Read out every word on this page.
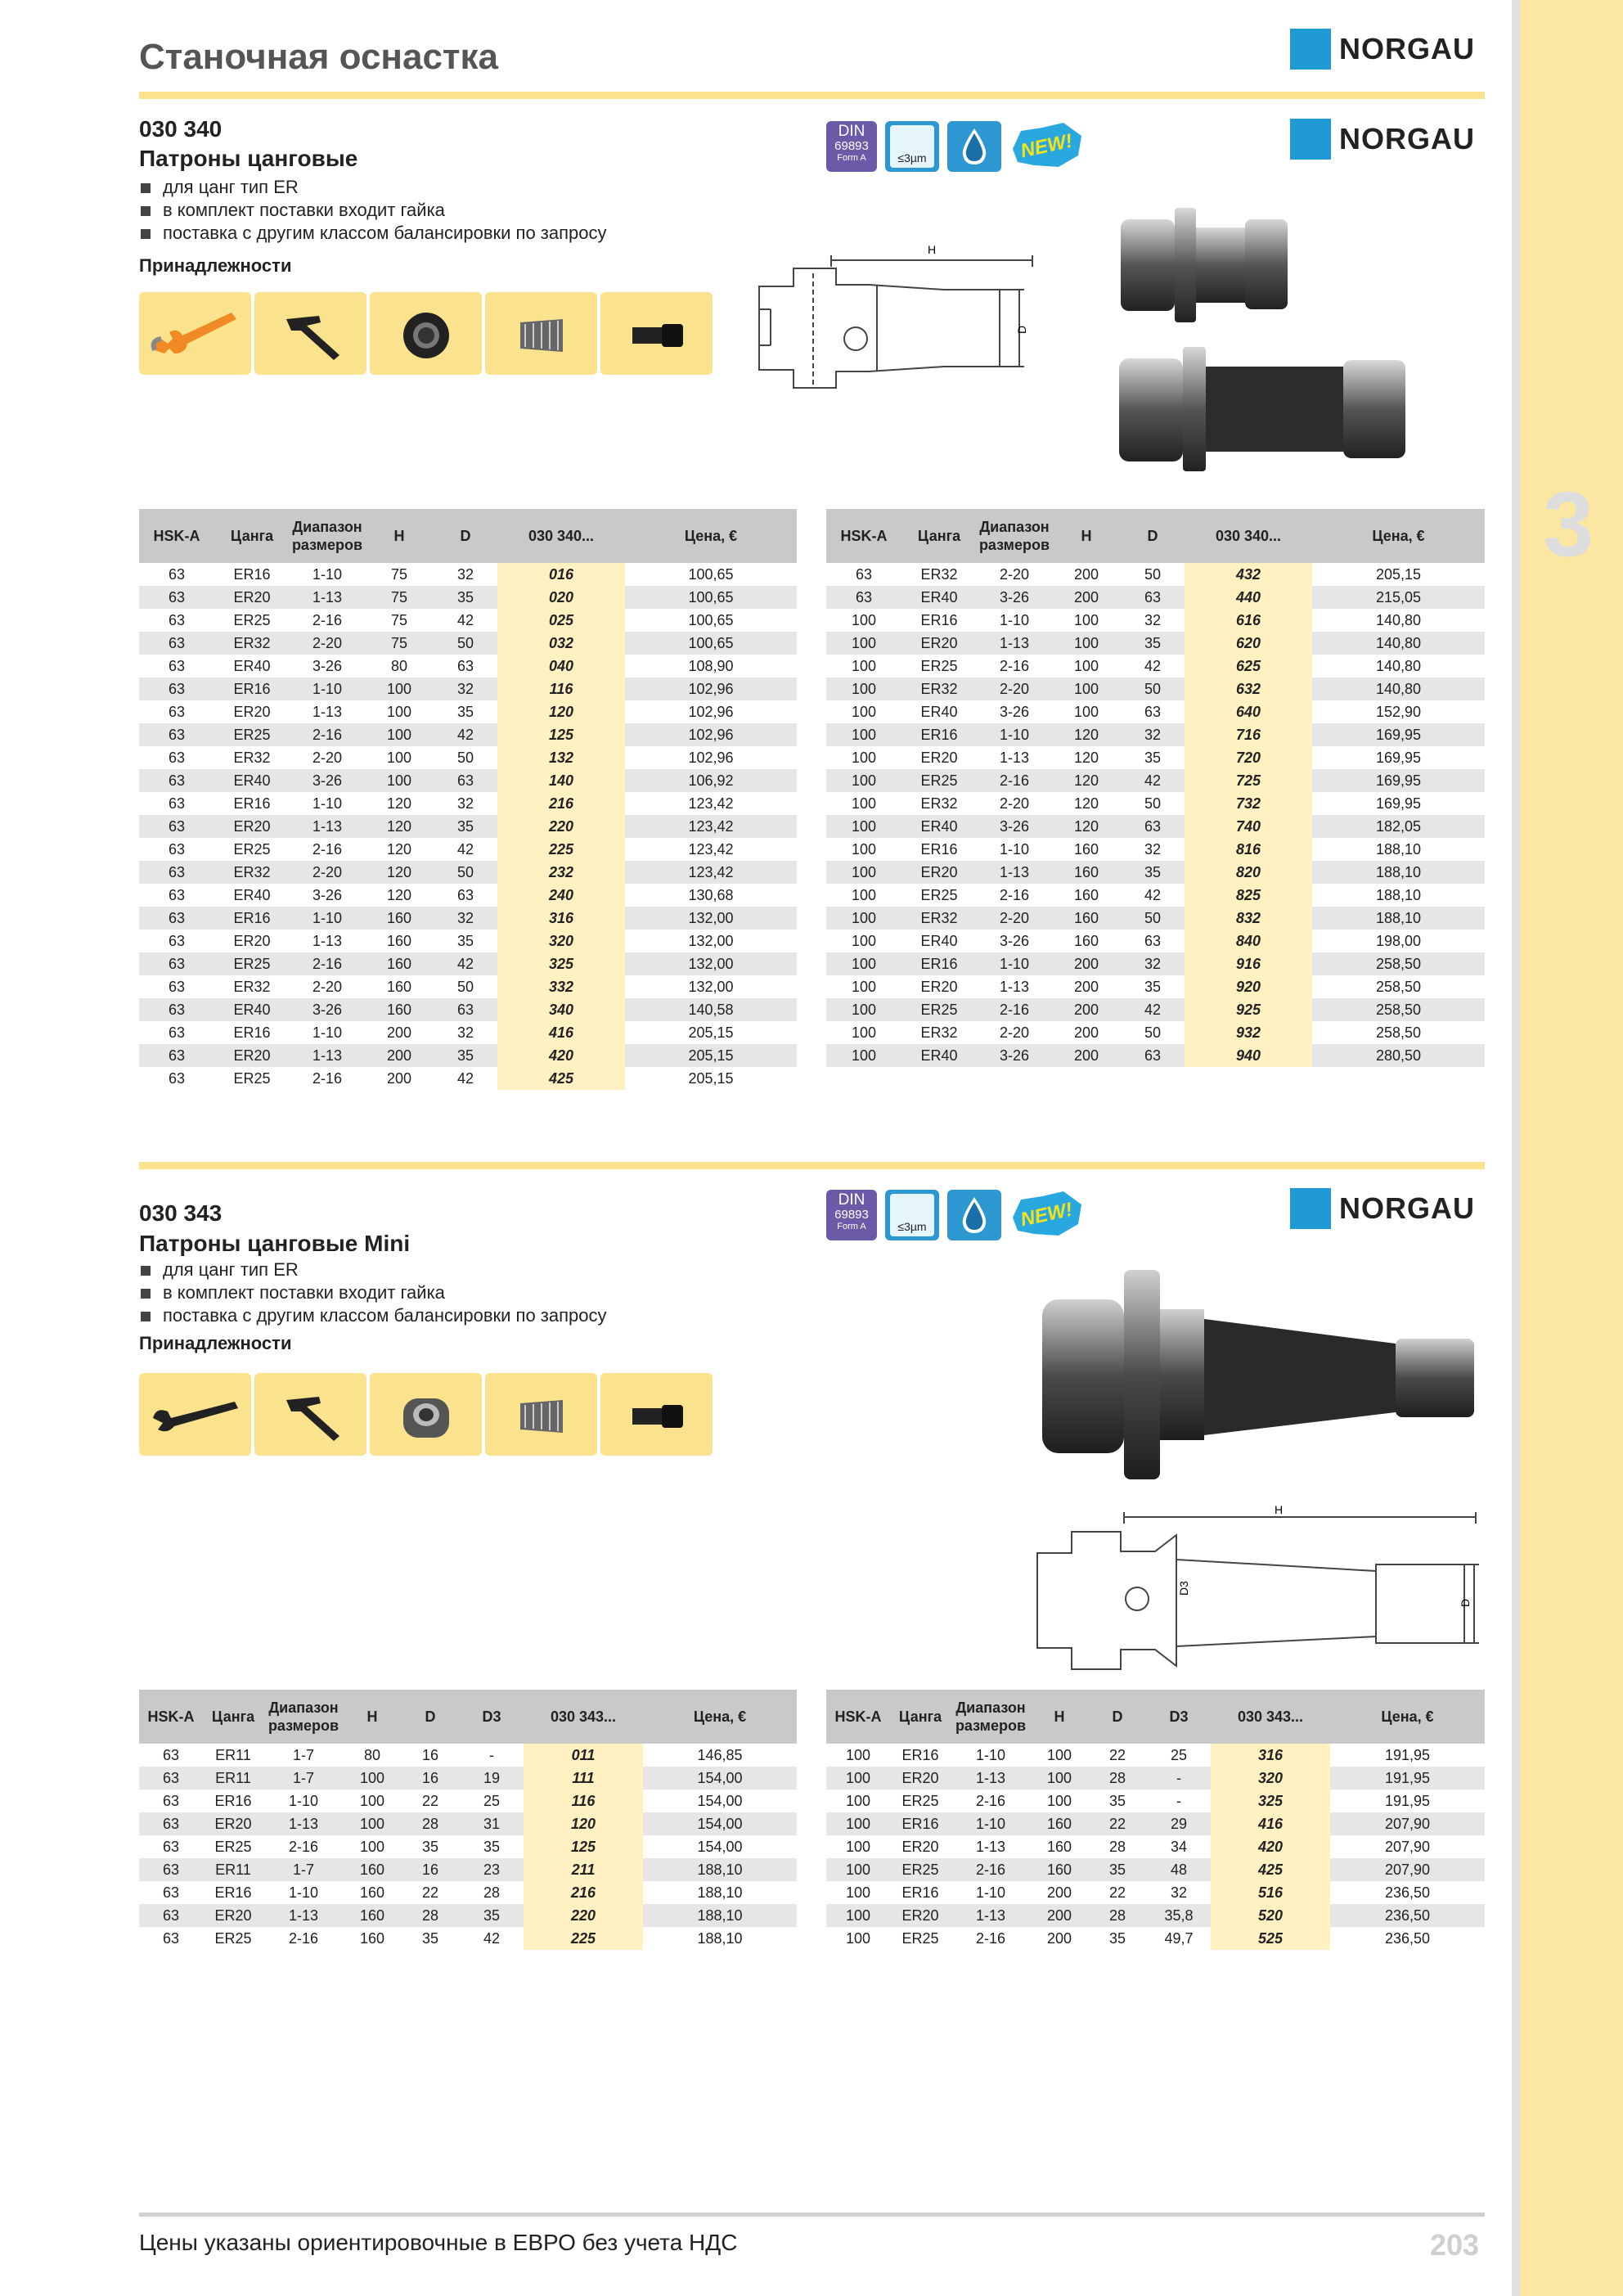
3
Станочная оснастка	NORGAU
030 340
Патроны цанговые
для цанг тип ER
в комплект поставки входит гайка
поставка с другим классом балансировки по запросу
Принадлежности
DIN
69893
Form A	≤3µm	NEW!	NORGAU
H
D
HSK-A	Цанга	Диапазон размеров	H	D	030 340...	Цена, €
63	ER16	1-10	75	32	016	100,65
63	ER20	1-13	75	35	020	100,65
63	ER25	2-16	75	42	025	100,65
63	ER32	2-20	75	50	032	100,65
63	ER40	3-26	80	63	040	108,90
63	ER16	1-10	100	32	116	102,96
63	ER20	1-13	100	35	120	102,96
63	ER25	2-16	100	42	125	102,96
63	ER32	2-20	100	50	132	102,96
63	ER40	3-26	100	63	140	106,92
63	ER16	1-10	120	32	216	123,42
63	ER20	1-13	120	35	220	123,42
63	ER25	2-16	120	42	225	123,42
63	ER32	2-20	120	50	232	123,42
63	ER40	3-26	120	63	240	130,68
63	ER16	1-10	160	32	316	132,00
63	ER20	1-13	160	35	320	132,00
63	ER25	2-16	160	42	325	132,00
63	ER32	2-20	160	50	332	132,00
63	ER40	3-26	160	63	340	140,58
63	ER16	1-10	200	32	416	205,15
63	ER20	1-13	200	35	420	205,15
63	ER25	2-16	200	42	425	205,15
HSK-A	Цанга	Диапазон размеров	H	D	030 340...	Цена, €
63	ER32	2-20	200	50	432	205,15
63	ER40	3-26	200	63	440	215,05
100	ER16	1-10	100	32	616	140,80
100	ER20	1-13	100	35	620	140,80
100	ER25	2-16	100	42	625	140,80
100	ER32	2-20	100	50	632	140,80
100	ER40	3-26	100	63	640	152,90
100	ER16	1-10	120	32	716	169,95
100	ER20	1-13	120	35	720	169,95
100	ER25	2-16	120	42	725	169,95
100	ER32	2-20	120	50	732	169,95
100	ER40	3-26	120	63	740	182,05
100	ER16	1-10	160	32	816	188,10
100	ER20	1-13	160	35	820	188,10
100	ER25	2-16	160	42	825	188,10
100	ER32	2-20	160	50	832	188,10
100	ER40	3-26	160	63	840	198,00
100	ER16	1-10	200	32	916	258,50
100	ER20	1-13	200	35	920	258,50
100	ER25	2-16	200	42	925	258,50
100	ER32	2-20	200	50	932	258,50
100	ER40	3-26	200	63	940	280,50
030 343
Патроны цанговые Mini
для цанг тип ER
в комплект поставки входит гайка
поставка с другим классом балансировки по запросу
Принадлежности
DIN
69893
Form A	≤3µm	NEW!	NORGAU
H
D3
D
HSK-A	Цанга	Диапазон размеров	H	D	D3	030 343...	Цена, €
63	ER11	1-7	80	16	-	011	146,85
63	ER11	1-7	100	16	19	111	154,00
63	ER16	1-10	100	22	25	116	154,00
63	ER20	1-13	100	28	31	120	154,00
63	ER25	2-16	100	35	35	125	154,00
63	ER11	1-7	160	16	23	211	188,10
63	ER16	1-10	160	22	28	216	188,10
63	ER20	1-13	160	28	35	220	188,10
63	ER25	2-16	160	35	42	225	188,10
HSK-A	Цанга	Диапазон размеров	H	D	D3	030 343...	Цена, €
100	ER16	1-10	100	22	25	316	191,95
100	ER20	1-13	100	28	-	320	191,95
100	ER25	2-16	100	35	-	325	191,95
100	ER16	1-10	160	22	29	416	207,90
100	ER20	1-13	160	28	34	420	207,90
100	ER25	2-16	160	35	48	425	207,90
100	ER16	1-10	200	22	32	516	236,50
100	ER20	1-13	200	28	35,8	520	236,50
100	ER25	2-16	200	35	49,7	525	236,50
Цены указаны ориентировочные в ЕВРО без учета НДС	203
